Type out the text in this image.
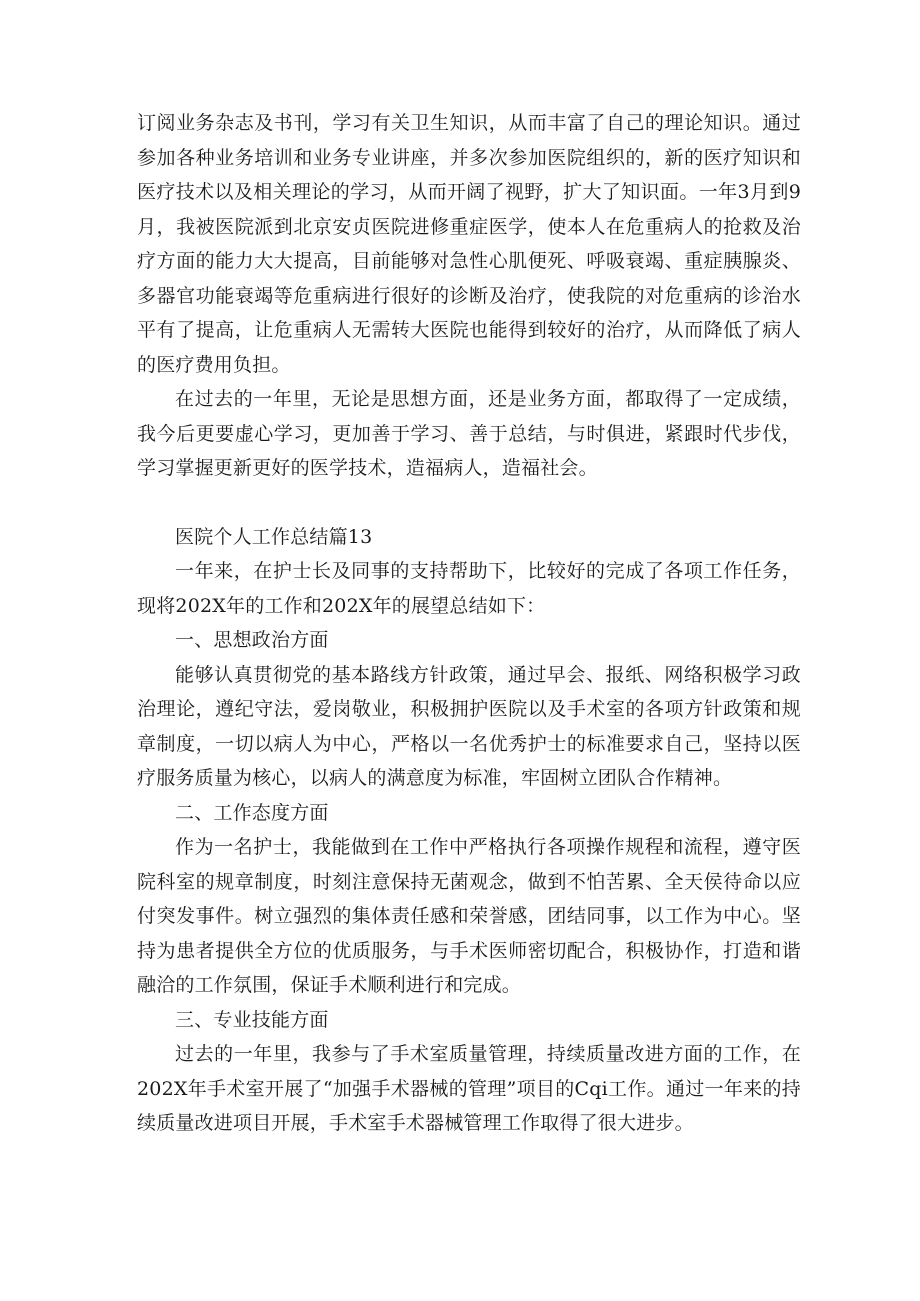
订阅业务杂志及书刊，学习有关卫生知识，从而丰富了自己的理论知识。通过参加各种业务培训和业务专业讲座，并多次参加医院组织的，新的医疗知识和医疗技术以及相关理论的学习，从而开阔了视野，扩大了知识面。一年3月到9月，我被医院派到北京安贞医院进修重症医学，使本人在危重病人的抢救及治疗方面的能力大大提高，目前能够对急性心肌便死、呼吸衰竭、重症胰腺炎、多器官功能衰竭等危重病进行很好的诊断及治疗，使我院的对危重病的诊治水平有了提高，让危重病人无需转大医院也能得到较好的治疗，从而降低了病人的医疗费用负担。

在过去的一年里，无论是思想方面，还是业务方面，都取得了一定成绩，我今后更要虚心学习，更加善于学习、善于总结，与时俱进，紧跟时代步伐，学习掌握更新更好的医学技术，造福病人，造福社会。

医院个人工作总结篇13

一年来，在护士长及同事的支持帮助下，比较好的完成了各项工作任务，现将202X年的工作和202X年的展望总结如下：

一、思想政治方面

能够认真贯彻党的基本路线方针政策，通过早会、报纸、网络积极学习政治理论，遵纪守法，爱岗敬业，积极拥护医院以及手术室的各项方针政策和规章制度，一切以病人为中心，严格以一名优秀护士的标准要求自己，坚持以医疗服务质量为核心，以病人的满意度为标准，牢固树立团队合作精神。

二、工作态度方面

作为一名护士，我能做到在工作中严格执行各项操作规程和流程，遵守医院科室的规章制度，时刻注意保持无菌观念，做到不怕苦累、全天侯待命以应付突发事件。树立强烈的集体责任感和荣誉感，团结同事，以工作为中心。坚持为患者提供全方位的优质服务，与手术医师密切配合，积极协作，打造和谐融洽的工作氛围，保证手术顺利进行和完成。

三、专业技能方面

过去的一年里，我参与了手术室质量管理，持续质量改进方面的工作，在202X年手术室开展了“加强手术器械的管理”项目的Cqi工作。通过一年来的持续质量改进项目开展，手术室手术器械管理工作取得了很大进步。
